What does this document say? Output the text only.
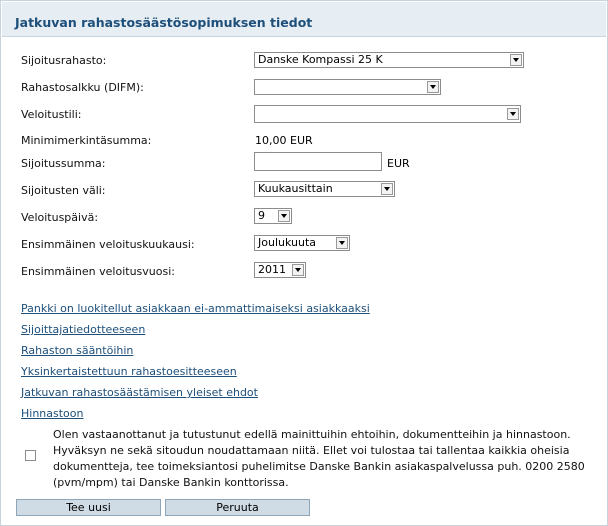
Jatkuvan rahastosäästösopimuksen tiedot
Sijoitusrahasto:	Danske Kompassi 25 K
Rahastosalkku (DIFM):
Veloitustili:
Minimimerkintäsumma:	10,00 EUR
Sijoitussumma:	EUR
Sijoitusten väli:	Kuukausittain
Veloituspäivä:	9
Ensimmäinen veloituskuukausi:	Joulukuuta
Ensimmäinen veloitusvuosi:	2011
Pankki on luokitellut asiakkaan ei-ammattimaiseksi asiakkaaksi
Sijoittajatiedotteeseen
Rahaston sääntöihin
Yksinkertaistettuun rahastoesitteeseen
Jatkuvan rahastosäästämisen yleiset ehdot
Hinnastoon
Olen vastaanottanut ja tutustunut edellä mainittuihin ehtoihin, dokumentteihin ja hinnastoon. Hyväksyn ne sekä sitoudun noudattamaan niitä. Ellet voi tulostaa tai tallentaa kaikkia oheisia dokumentteja, tee toimeksiantosi puhelimitse Danske Bankin asiakaspalvelussa puh. 0200 2580 (pvm/mpm) tai Danske Bankin konttorissa.
Tee uusi	Peruuta
